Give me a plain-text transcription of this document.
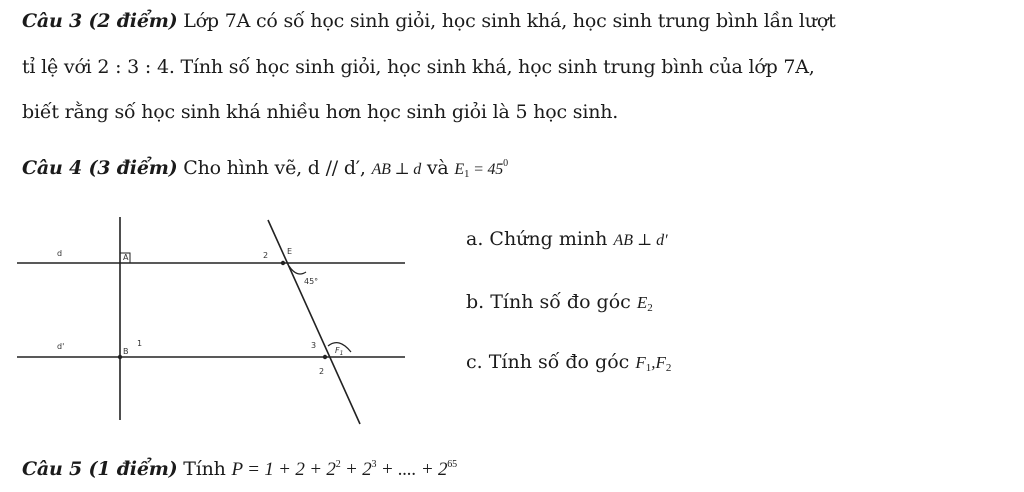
Câu 3 (2 điểm) Lớp 7A có số học sinh giỏi, học sinh khá, học sinh trung bình lần lượt
tỉ lệ với 2 : 3 : 4. Tính số học sinh giỏi, học sinh khá, học sinh trung bình của lớp 7A,
biết rằng số học sinh khá nhiều hơn học sinh giỏi là 5 học sinh.
Câu 4 (3 điểm) Cho hình vẽ, d // d′, AB ⊥ d và $E_1 = 45^0$
d
d'
A
B
1
E
2
45°
3
$F_1$
2
a. Chứng minh AB ⊥ d′
b. Tính số đo góc $E_2$
c. Tính số đo góc $F_1,F_2$
Câu 5 (1 điểm) Tính $P = 1 + 2 + 2^2 + 2^3$ + .... + $2^{65}$
